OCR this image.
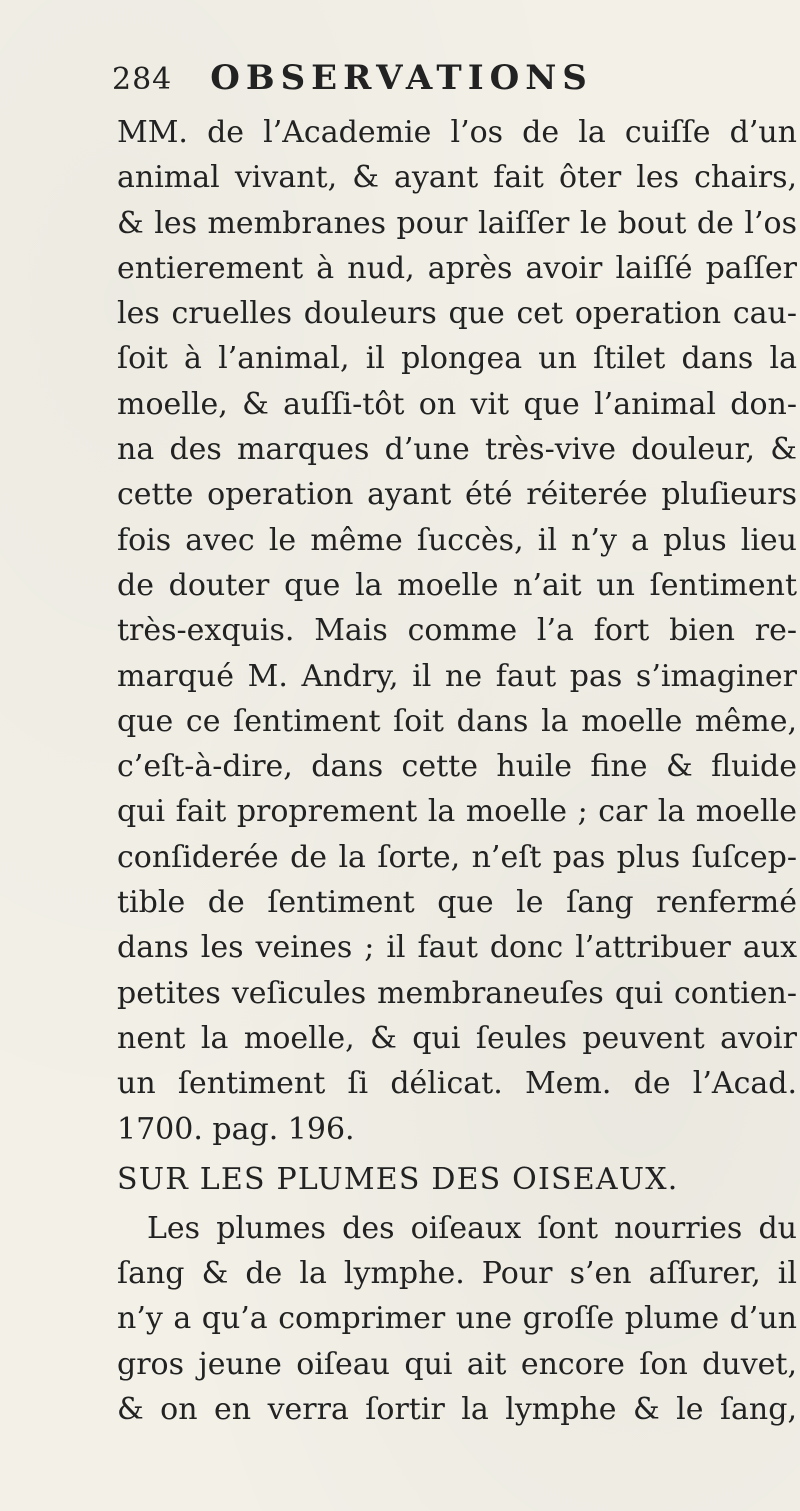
284 OBSERVATIONS
MM. de l’Academie l’os de la cuiſſe d’un
animal vivant, & ayant fait ôter les chairs,
& les membranes pour laiſſer le bout de l’os
entierement à nud, après avoir laiſſé paſſer
les cruelles douleurs que cet operation cau-
ſoit à l’animal, il plongea un ſtilet dans la
moelle, & auſſi-tôt on vit que l’animal don-
na des marques d’une très-vive douleur, &
cette operation ayant été réiterée pluſieurs
fois avec le même ſuccès, il n’y a plus lieu
de douter que la moelle n’ait un ſentiment
très-exquis. Mais comme l’a fort bien re-
marqué M. Andry, il ne faut pas s’imaginer
que ce ſentiment ſoit dans la moelle même,
c’eſt-à-dire, dans cette huile fine & fluide
qui fait proprement la moelle ; car la moelle
conſiderée de la ſorte, n’eſt pas plus ſuſcep-
tible de ſentiment que le ſang renfermé
dans les veines ; il faut donc l’attribuer aux
petites veſicules membraneuſes qui contien-
nent la moelle, & qui ſeules peuvent avoir
un ſentiment ſi délicat. Mem. de l’Acad.
1700. pag. 196.
SUR LES PLUMES DES OISEAUX.
Les plumes des oiſeaux ſont nourries du
ſang & de la lymphe. Pour s’en aſſurer, il
n’y a qu’a comprimer une groſſe plume d’un
gros jeune oiſeau qui ait encore ſon duvet,
& on en verra ſortir la lymphe & le ſang,
